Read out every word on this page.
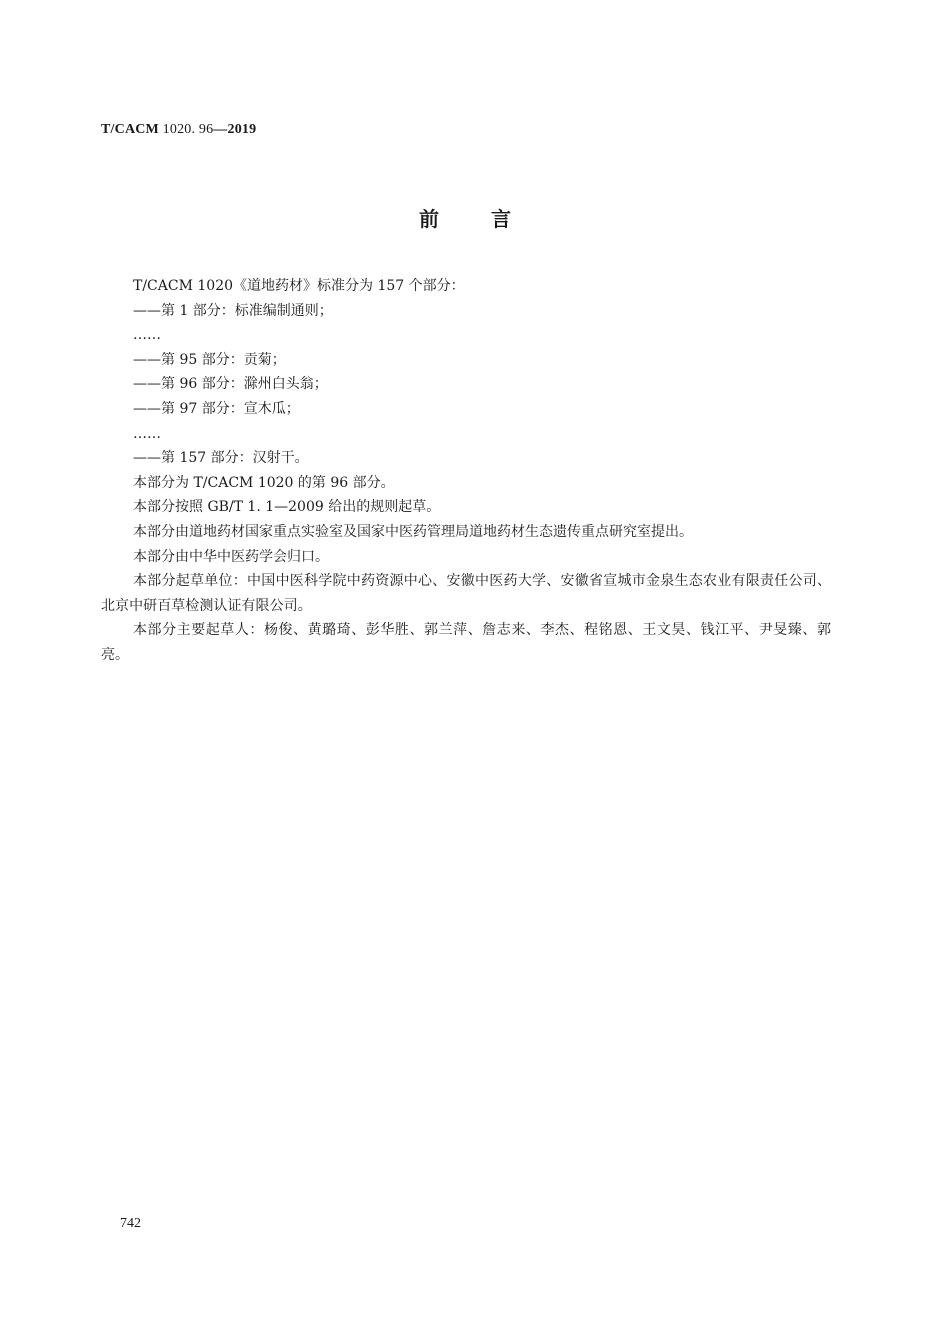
T/CACM 1020. 96—2019
前	言
T/CACM 1020《道地药材》标准分为 157 个部分：
——第 1 部分：标准编制通则；
……
——第 95 部分：贡菊；
——第 96 部分：滁州白头翁；
——第 97 部分：宣木瓜；
……
——第 157 部分：汉射干。
本部分为 T/CACM 1020 的第 96 部分。
本部分按照 GB/T 1. 1—2009 给出的规则起草。
本部分由道地药材国家重点实验室及国家中医药管理局道地药材生态遗传重点研究室提出。
本部分由中华中医药学会归口。
本部分起草单位：中国中医科学院中药资源中心、安徽中医药大学、安徽省宣城市金泉生态农业有限责任公司、北京中研百草检测认证有限公司。
本部分主要起草人：杨俊、黄璐琦、彭华胜、郭兰萍、詹志来、李杰、程铭恩、王文昊、钱江平、尹旻臻、郭亮。
742
